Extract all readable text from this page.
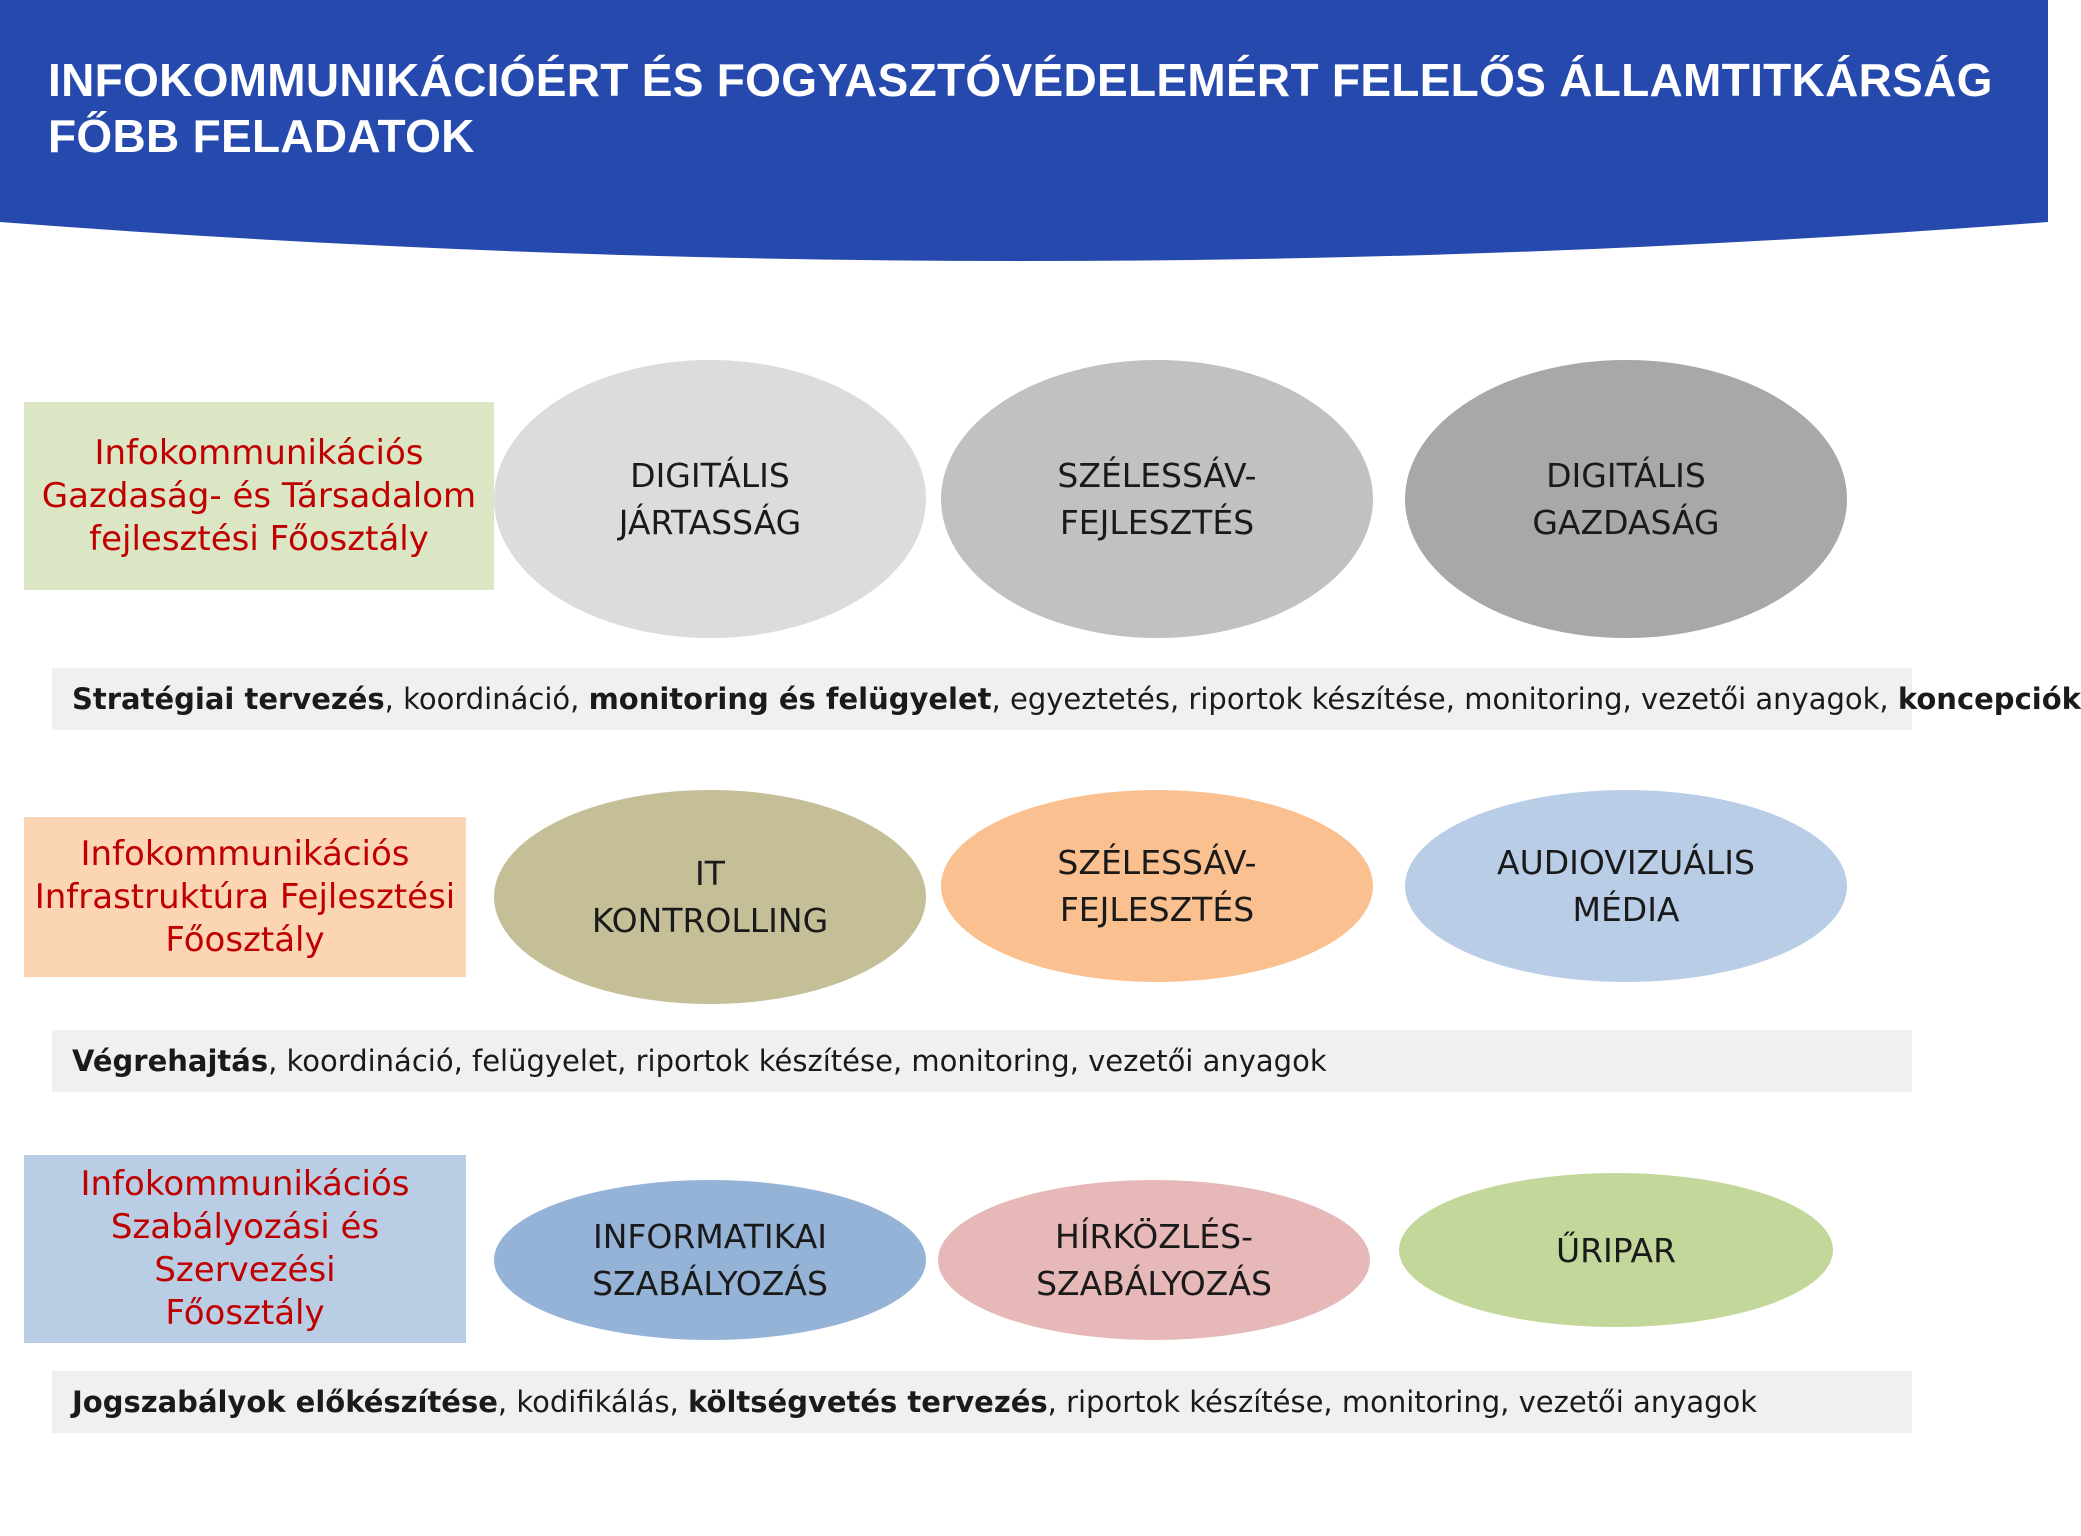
INFOKOMMUNIKÁCIÓÉRT ÉS FOGYASZTÓVÉDELEMÉRT FELELŐS ÁLLAMTITKÁRSÁG
FŐBB FELADATOK
Infokommunikációs
Gazdaság- és Társadalom
fejlesztési Főosztály
DIGITÁLIS
JÁRTASSÁG
SZÉLESSÁV-
FEJLESZTÉS
DIGITÁLIS
GAZDASÁG
Stratégiai tervezés, koordináció, monitoring és felügyelet, egyeztetés, riportok készítése, monitoring, vezetői anyagok, koncepciók
Infokommunikációs
Infrastruktúra Fejlesztési
Főosztály
IT
KONTROLLING
SZÉLESSÁV-
FEJLESZTÉS
AUDIOVIZUÁLIS
MÉDIA
Végrehajtás, koordináció, felügyelet, riportok készítése, monitoring, vezetői anyagok
Infokommunikációs
Szabályozási és Szervezési
Főosztály
INFORMATIKAI
SZABÁLYOZÁS
HÍRKÖZLÉS-
SZABÁLYOZÁS
ŰRIPAR
Jogszabályok előkészítése, kodifikálás, költségvetés tervezés, riportok készítése, monitoring, vezetői anyagok
